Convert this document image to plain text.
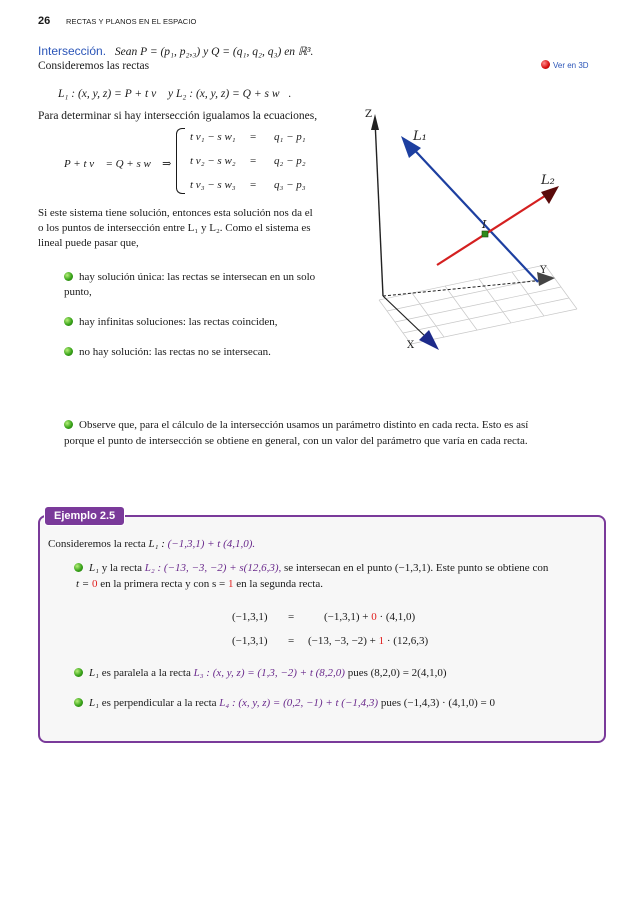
26 RECTAS Y PLANOS EN EL ESPACIO
Intersección. Sean P = (p₁, p₂,₃) y Q = (q₁, q₂, q₃) en ℝ³.
Consideremos las rectas	Ver en 3D
L₁ : (x, y, z) = P + t v⃗ y L₂ : (x, y, z) = Q + s w⃗.
Para determinar si hay intersección igualamos la ecuaciones,
P + t v⃗ = Q + s w⃗ ⇒
t v₁ − s w₁ = q₁ − p₁
t v₂ − s w₂ = q₂ − p₂
t v₃ − s w₃ = q₃ − p₃
Si este sistema tiene solución, entonces esta solución nos da el
o los puntos de intersección entre L₁ y L₂. Como el sistema es
lineal puede pasar que,
hay solución única: las rectas se intersecan en un solo
punto,
hay infinitas soluciones: las rectas coinciden,
no hay solución: las rectas no se intersecan.
Observe que, para el cálculo de la intersección usamos un parámetro distinto en cada recta. Esto es así
porque el punto de intersección se obtiene en general, con un valor del parámetro que varía en cada recta.
Z
Y
X
L₁
L₂
I
Ejemplo 2.5
Consideremos la recta L₁ : (−1,3,1) + t (4,1,0).
L₁ y la recta L₂ : (−13, −3, −2) + s(12,6,3), se intersecan en el punto (−1,3,1). Este punto se obtiene con
t = 0 en la primera recta y con s = 1 en la segunda recta.
(−1,3,1) =	(−1,3,1) + 0 · (4,1,0)
(−1,3,1) = (−13, −3, −2) + 1 · (12,6,3)
L₁ es paralela a la recta L₃ : (x, y, z) = (1,3, −2) + t (8,2,0) pues (8,2,0) = 2(4,1,0)
L₁ es perpendicular a la recta L₄ : (x, y, z) = (0,2, −1) + t (−1,4,3) pues (−1,4,3) · (4,1,0) = 0
